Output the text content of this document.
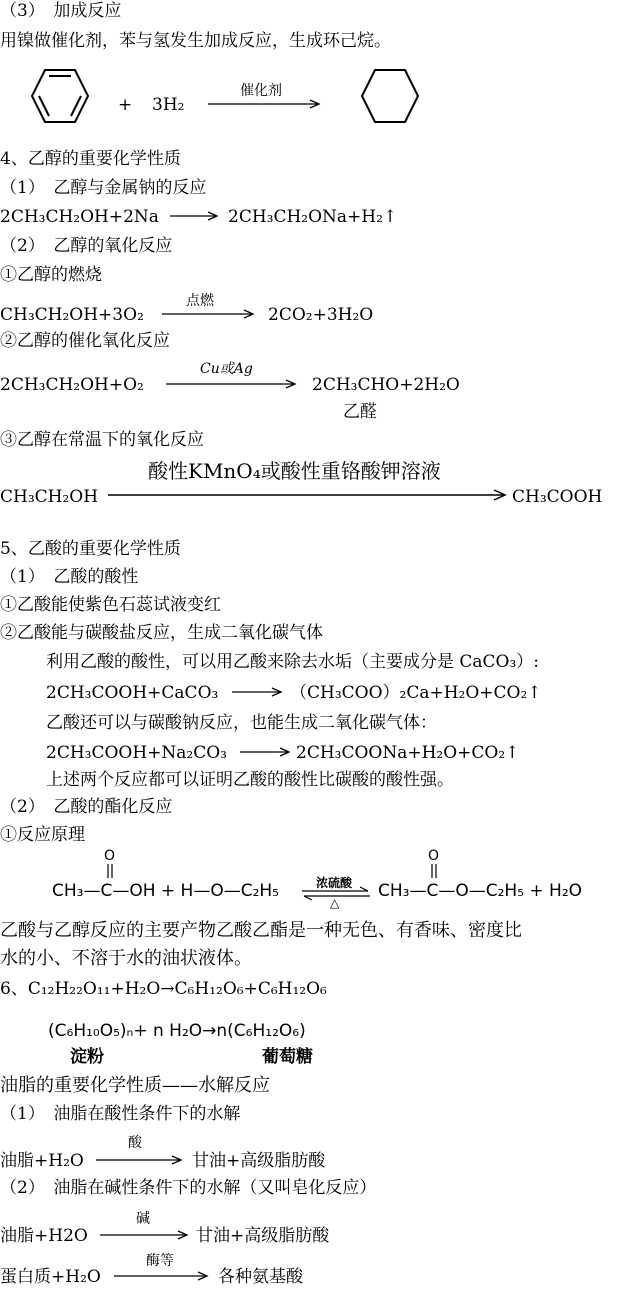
（3）　加成反应
用镍做催化剂，苯与氢发生加成反应，生成环己烷。
+ 3H₂
催化剂
4、乙醇的重要化学性质
（1）　乙醇与金属钠的反应
2CH₃CH₂OH+2Na → 2CH₃CH₂ONa+H₂↑
（2）　乙醇的氧化反应
①乙醇的燃烧
点燃
CH₃CH₂OH+3O₂	2CO₂+3H₂O
②乙醇的催化氧化反应
Cu或Ag
2CH₃CH₂OH+O₂	2CH₃CHO+2H₂O
乙醛
③乙醇在常温下的氧化反应
酸性KMnO₄或酸性重铬酸钾溶液
CH₃CH₂OH	CH₃COOH
5、乙酸的重要化学性质
（1）　乙酸的酸性
①乙酸能使紫色石蕊试液变红
②乙酸能与碳酸盐反应，生成二氧化碳气体
利用乙酸的酸性，可以用乙酸来除去水垢（主要成分是 CaCO₃）:
2CH₃COOH+CaCO₃ → （CH₃COO）₂Ca+H₂O+CO₂↑
乙酸还可以与碳酸钠反应，也能生成二氧化碳气体：
2CH₃COOH+Na₂CO₃ → 2CH₃COONa+H₂O+CO₂↑
上述两个反应都可以证明乙酸的酸性比碳酸的酸性强。
（2）　乙酸的酯化反应
①反应原理
O
CH₃—C—OH + H—O—C₂H₅	浓硫酸
△
O
CH₃—C—O—C₂H₅ + H₂O
乙酸与乙醇反应的主要产物乙酸乙酯是一种无色、有香味、密度比
水的小、不溶于水的油状液体。
6、C₁₂H₂₂O₁₁+H₂O→C₆H₁₂O₆+C₆H₁₂O₆
(C₆H₁₀O₅)ₙ+ n H₂O→n(C₆H₁₂O₆)
淀粉	葡萄糖
油脂的重要化学性质——水解反应
（1）　油脂在酸性条件下的水解
酸
油脂+H₂O	甘油+高级脂肪酸
（2）　油脂在碱性条件下的水解（又叫皂化反应）
碱
油脂+H2O	甘油+高级脂肪酸
酶等
蛋白质+H₂O	各种氨基酸
